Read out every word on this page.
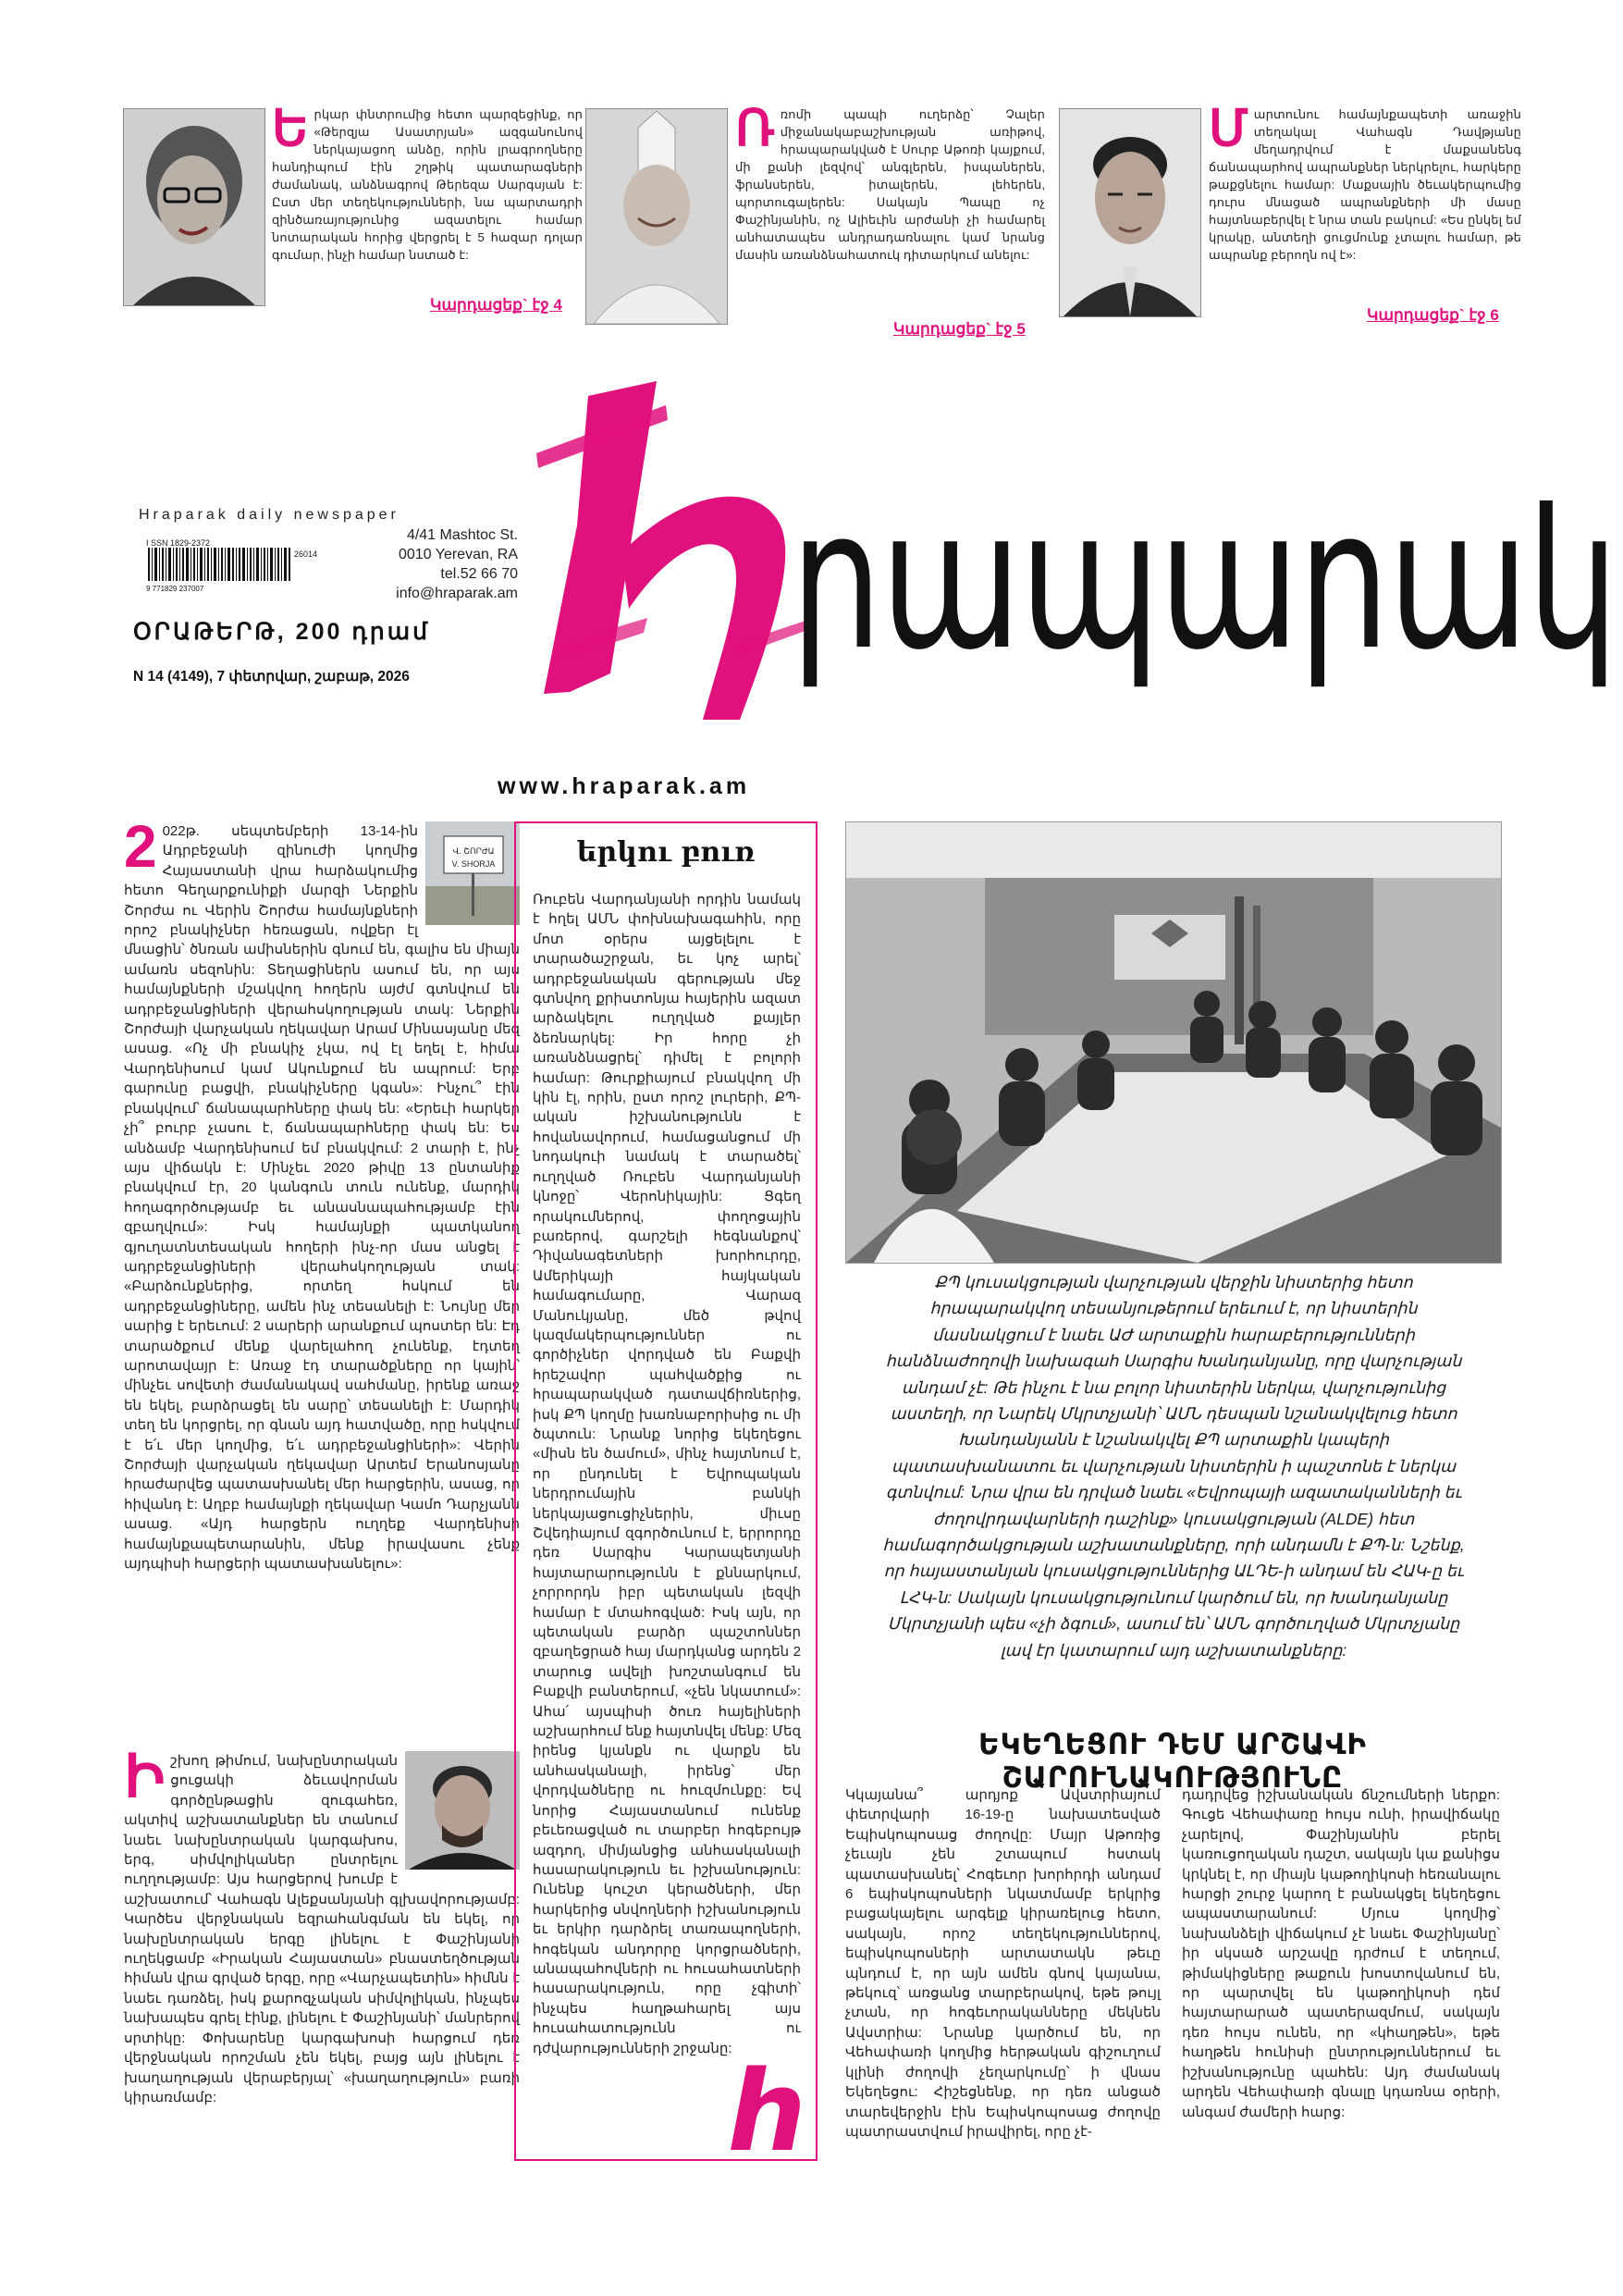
Երկար փնտրումից հետո պարզեցինք, որ «Թերզյա Ասատրյան» ազգանունով ներկայացող անձը, որին լրագրողները հանդիպում էին շղթիկ պատարագների ժամանակ, անձնագրով Թերեզա Սարգսյան է: Ըստ մեր տեղեկությունների, նա պարտադրի զինծառայությունից ազատելու համար նոտարական հորից վերցրել է 5 հազար դոլար գումար, ինչի համար նստած է:
Կարդացեք` էջ 4
Ռռոմի պապի ուղերձը՝ Չալեր միջանակաբաշխության առիթով, հրապարակված է Սուրբ Աթոռի կայքում, մի քանի լեզվով՝ անգլերեն, իսպաներեն, ֆրանսերեն, իտալերեն, լեհերեն, պորտուգալերեն: Սակայն Պապը ոչ Փաշինյանին, ոչ Ալիեւին արժանի չի համարել անհատապես անդրադառնալու կամ նրանց մասին առանձնահատուկ դիտարկում անելու:
Կարդացեք` էջ 5
Մարտունու համայնքապետի առաջին տեղակալ Վահագն Դավթյանը մեղադրվում է մաքսանենգ ճանապարհով ապրանքներ ներկրելու, հարկերը թաքցնելու համար: Մաքսային ծեւակերպումից դուրս մնացած ապրանքների մի մասը հայտնաբերվել է նրա տան բակում: «Ես ընկել եմ կրակը, անտեղի ցուցմունք չտալու համար, թե ապրանք բերողն ով է»:
Կարդացեք` էջ 6
Hraparak daily newspaper
4/41 Mashtoc St.
0010 Yerevan, RA
tel.52 66 70
info@hraparak.am
I SSN 1829-2372
26014
9 771829 237007
ՕՐԱԹԵՐԹ, 200 դրամ
N 14 (4149), 7 փետրվար, շաբաթ, 2026 րապարակ
www.hraparak.am
Վ. ՇՈՐԺԱ
V. SHORJA
2 022թ. սեպտեմբերի 13-14-ին Ադրբեջանի զինուժի կողմից Հայաստանի վրա հարձակումից հետո Գեղարքունիքի մարզի Ներքին Շորժա ու Վերին Շորժա համայնքների որոշ բնակիչներ հեռացան, ովքեր էլ մնացին՝ ծնռան ամիսներին գնում են, գալիս են միայն ամառն սեզոնին: Տեղացիներն ասում են, որ այս համայնքների մշակվող հողերն այժմ գտնվում են ադրբեջանցիների վերահսկողության տակ: Ներքին Շորժայի վարչական ղեկավար Արամ Մինասյանը մեզ ասաց. «Ոչ մի բնակիչ չկա, ով էլ եղել է, հիմա Վարդենիսում կամ Ակունքում են ապրում: Երբ գարունը բացվի, բնակիչները կգան»: Ինչու՞ էին բնակվում՝ ճանապարհները փակ են: «Երեւի հարկեր չի՞ բուրբ չասու է, ճանապարհները փակ են: Ես անձամբ Վարդենիսում եմ բնակվում: 2 տարի է, ինչ այս վիճակն է: Մինչեւ 2020 թիվը 13 ընտանիք բնակվում էր, 20 կանգուն տուն ունենք, մարդիկ հողագործությամբ եւ անասնապահությամբ էին զբաղվում»: Իսկ համայնքի պատկանող գյուղատնտեսական հողերի ինչ-որ մաս անցել է ադրբեջանցիների վերահսկողության տակ: «Բարձունքներից, որտեղ հսկում են ադրբեջանցիները, ամեն ինչ տեսանելի է: Նույնը մեր սարից է երեւում: 2 սարերի արանքում պոստեր են: Էդ տարածքում մենք վարելահող չունենք, էդտեղ արոտավայր է: Առաջ էդ տարածքները որ կային՝ մինչեւ սովետի ժամանակավ սահմանը, իրենք առաջ են եկել, բարձրացել են սարը՝ տեսանելի է: Մարդիկ տեղ են կորցրել, որ գնան այդ հատվածը, որը հսկվում է ե՛ւ մեր կողմից, ե՛ւ ադրբեջանցիների»: Վերին Շորժայի վարչական ղեկավար Արտեմ Երանոսյանը հրաժարվեց պատասխանել մեր հարցերին, ասաց, որ հիվանդ է: Աղբբ համայնքի ղեկավար Կամո Դարչյանն ասաց. «Այդ հարցերն ուղղեք Վարդենիսի համայնքապետարանին, մենք իրավասու չենք այդպիսի հարցերի պատասխանելու»:
Իշխող թիմում, նախընտրական ցուցակի ձեւավորման գործընթացին զուգահեռ, ակտիվ աշխատանքներ են տանում նաեւ նախընտրական կարգախոս, երգ, սիմվոլիկաներ ընտրելու ուղղությամբ: Այս հարցերով խումբ է աշխատում՝ Վահագն Ալեքսանյանի գլխավորությամբ: Կարծես վերջնական եզրահանգման են եկել, որ նախընտրական երգը լինելու է Փաշինյանի ուղեկցամբ «Իրական Հայաստան» բնաստեղծության հիման վրա գրված երգը, որը «Վարչապետին» հիմնն է նաեւ դառձել, իսկ քարոզչական սիմվոլիկան, ինչպես նախապես գրել էինք, լինելու է Փաշինյանի՝ մանրերով սրտիկը: Փոխարենը կարգախոսի հարցում դեռ վերջնական որոշման չեն եկել, բայց այն լինելու է խաղաղության վերաբերյալ՝ «խաղաղություն» բառի կիրառմամբ:
երկու բուռ
Ռուբեն Վարդանյանի որդին նամակ է հղել ԱՄՆ փոխնախագահին, որը մոտ օրերս այցելելու է տարածաշրջան, եւ կոչ արել՝ ադրբեջանական գերության մեջ գտնվող քրիստոնյա հայերին ազատ արձակելու ուղղված քայլեր ձեռնարկել: Իր հորը չի առանձնացրել՝ դիմել է բոլորի համար: Թուրքիայում բնակվող մի կին էլ, որին, ըստ որոշ լուրերի, ՔՊ-ական իշխանությունն է հովանավորում, համացանցում մի նոդակուի նամակ է տարածել՝ ուղղված Ռուբեն Վարդանյանի կնոջը՝ Վերոնիկային: Ցգեղ որակումներով, փողոցային բառերով, գարշելի հեգնանքով՝ Դիվանագետների խորհուրդը, Ամերիկայի հայկական համագումարը, Վարազ Մանուկյանը, մեծ թվով կազմակերպություններ ու գործիչներ վորդված են Բաքվի հրեշավոր պահվածքից ու հրապարակված դատավճիռներից, իսկ ՔՊ կողմը խառնաբորիսից ու մի ծպտուն: Նրանք նորից եկեղեցու «միսն են ծամում», մինչ հայտնում է, որ ընդունել է Եվրոպական ներդրումային բանկի ներկայացուցիչներին, միւսը Շվեդիայում զգործունում է, երրորդը դեռ Սարգիս Կարապետյանի հայտարարությունն է քննարկում, չորրորդն իբր պետական լեզվի համար է մտահոգված: Իսկ այն, որ պետական բարձր պաշտոններ զբաղեցրած հայ մարդկանց արդեն 2 տարուց ավելի խոշտանգում են Բաքվի բանտերում, «չեն նկատում»: Ահա՛ այսպիսի ծուռ հայելիների աշխարհում ենք հայտնվել մենք: Մեզ իրենց կյանքն ու վարքն են անհասկանալի, իրենց՝ մեր վորդվածները ու հուզմունքը: Եվ նորից Հայաստանում ունենք բեւեռացված ու տարբեր հոգեբույթ ազդող, միմյանցից անհասկանալի հասարակություն եւ իշխանություն: Ունենք կուշտ կերածների, մեր հարկերից սնվողների իշխանություն եւ երկիր դարձրել տառապողների, հոգեկան անդորրը կորցրածների, անապահովների ու հուսահատների հասարակություն, որը չգիտի՝ ինչպես հաղթահարել այս հուսահատությունն ու դժվարությունների շրջանը:
հ
ՔՊ կուսակցության վարչության վերջին նիստերից հետո հրապարակվող տեսանյութերում երեւում է, որ նիստերին մասնակցում է նաեւ ԱԺ արտաքին հարաբերությունների հանձնաժողովի նախագահ Սարգիս Խանդանյանը, որը վարչության անդամ չէ: Թե ինչու է նա բոլոր նիստերին ներկա, վարչությունից աստեղի, որ Նարեկ Մկրտչյանի՝ ԱՄՆ դեսպան նշանակվելուց հետո Խանդանյանն է նշանակվել ՔՊ արտաքին կապերի պատասխանատու եւ վարչության նիստերին ի պաշտոնե է ներկա գտնվում: Նրա վրա են դրված նաեւ «Եվրոպայի ազատականների եւ ժողովրդավարների դաշինք» կուսակցության (ALDE) հետ համագործակցության աշխատանքները, որի անդամն է ՔՊ-ն: Նշենք, որ հայաստանյան կուսակցություններից ԱԼԴԵ-ի անդամ են ՀԱԿ-ը եւ ԼՀԿ-ն: Սակայն կուսակցությունում կարծում են, որ Խանդանյանը Մկրտչյանի պես «չի ձգում», ասում են՝ ԱՄՆ գործուղված Մկրտչյանը լավ էր կատարում այդ աշխատանքները:
ԵԿԵՂԵՑՈՒ ԴԵՄ ԱՐՇԱՎԻ ՇԱՐՈՒՆԱԿՈՒԹՅՈՒՆԸ
Կկայանա՞ արդյոք Ավստրիայում փետրվարի 16-19-ը նախատեսված Եպիսկոպոսաց ժողովը: Մայր Աթոռից չեւայն չեն շտապում հստակ պատասխանել՝ Հոգեւոր խորհրդի անդամ 6 եպիսկոպոսների նկատմամբ երկրից բացակայելու արգելք կիրառելուց հետո, սակայն, որոշ տեղեկություններով, եպիսկոպոսների արտատակն թեւը պնդում է, որ այն ամեն գնով կայանա, թեկուզ՝ առցանց տարբերակով, եթե թույլ չտան, որ հոգեւորականները մեկնեն Ավստրիա: Նրանք կարծում են, որ Վեհափառի կողմից հերթական գիշուղում կլինի ժողովի չեղարկումը՝ ի վնաս Եկեղեցու: Հիշեցնենք, որ դեռ անցած տարեվերջին էին Եպիսկոպոսաց ժողովը պատրաստվում իրավիրել, որը չէ-
դադրվեց իշխանական ճնշումների ներքո: Գուցե Վեհափառը հույս ունի, իրավիճակը չարելով, Փաշինյանին բերել կառուցողական դաշտ, սակայն կա քանիցս կրկնել է, որ միայն կաթողիկոսի հեռանալու հարցի շուրջ կարող է բանակցել եկեղեցու ապաստարանում: Մյուս կողմից՝ նախանձելի վիճակում չէ նաեւ Փաշինյանը՝ իր սկսած արշավը դրժում է տեղում, թիմակիցները թաքուն խոստովանում են, որ պարտվել են կաթողիկոսի դեմ հայտարարած պատերազմում, սակայն դեռ հույս ունեն, որ «կհաղթեն», եթե հաղթեն հունիսի ընտրություններում եւ իշխանությունը պահեն: Այդ ժամանակ արդեն Վեհափառի գնալը կդառնա օրերի, անգամ ժամերի հարց:
